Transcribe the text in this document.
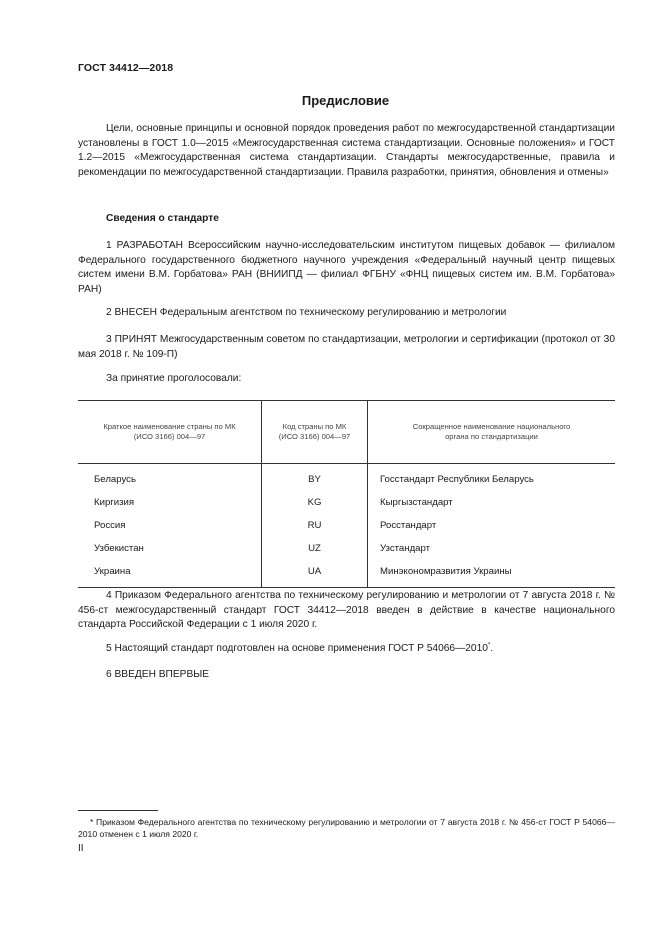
ГОСТ 34412—2018
Предисловие

Цели, основные принципы и основной порядок проведения работ по межгосударственной стандартизации установлены в ГОСТ 1.0—2015 «Межгосударственная система стандартизации. Основные положения» и ГОСТ 1.2—2015 «Межгосударственная система стандартизации. Стандарты межгосударственные, правила и рекомендации по межгосударственной стандартизации. Правила разработки, принятия, обновления и отмены»

Сведения о стандарте

1 РАЗРАБОТАН Всероссийским научно-исследовательским институтом пищевых добавок — филиалом Федерального государственного бюджетного научного учреждения «Федеральный научный центр пищевых систем имени В.М. Горбатова» РАН (ВНИИПД — филиал ФГБНУ «ФНЦ пищевых систем им. В.М. Горбатова» РАН)

2 ВНЕСЕН Федеральным агентством по техническому регулированию и метрологии

3 ПРИНЯТ Межгосударственным советом по стандартизации, метрологии и сертификации (протокол от 30 мая 2018 г. № 109-П)

За принятие проголосовали:
Краткое наименование страны по МК (ИСО 3166) 004—97	Код страны по МК (ИСО 3166) 004—97	Сокращенное наименование национального органа по стандартизации
Беларусь	BY	Госстандарт Республики Беларусь
Киргизия	KG	Кыргызстандарт
Россия	RU	Росстандарт
Узбекистан	UZ	Узстандарт
Украина	UA	Минэкономразвития Украины

4 Приказом Федерального агентства по техническому регулированию и метрологии от 7 августа 2018 г. № 456-ст межгосударственный стандарт ГОСТ 34412—2018 введен в действие в качестве национального стандарта Российской Федерации с 1 июля 2020 г.

5 Настоящий стандарт подготовлен на основе применения ГОСТ Р 54066—2010*.

6 ВВЕДЕН ВПЕРВЫЕ

* Приказом Федерального агентства по техническому регулированию и метрологии от 7 августа 2018 г. № 456-ст ГОСТ Р 54066—2010 отменен с 1 июля 2020 г.

II
